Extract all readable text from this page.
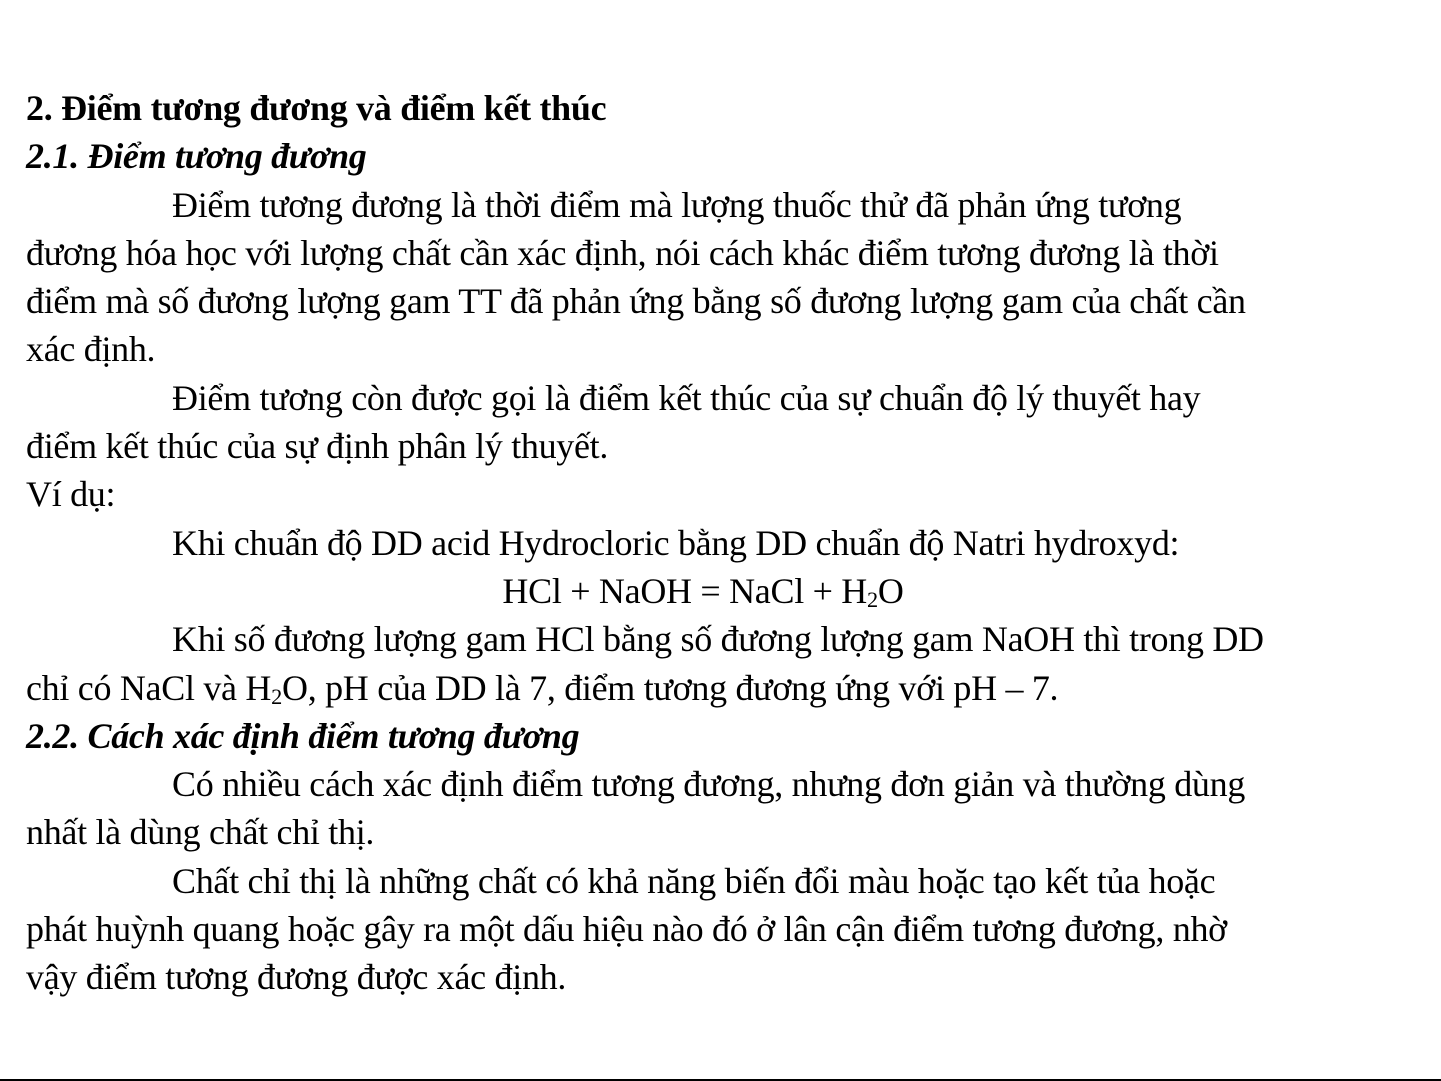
2. Điểm tương đương và điểm kết thúc
2.1. Điểm tương đương
Điểm tương đương là thời điểm mà lượng thuốc thử đã phản ứng tương
đương hóa học với lượng chất cần xác định, nói cách khác điểm tương đương là thời
điểm mà số đương lượng gam TT đã phản ứng bằng số đương lượng gam của chất cần
xác định.
Điểm tương còn được gọi là điểm kết thúc của sự chuẩn độ lý thuyết hay
điểm kết thúc của sự định phân lý thuyết.
Ví dụ:
Khi chuẩn độ DD acid Hydrocloric bằng DD chuẩn độ Natri hydroxyd:
HCl + NaOH = NaCl + $H_2O$
Khi số đương lượng gam HCl bằng số đương lượng gam NaOH thì trong DD
chỉ có NaCl và $H_2O$, pH của DD là 7, điểm tương đương ứng với pH – 7.
2.2. Cách xác định điểm tương đương
Có nhiều cách xác định điểm tương đương, nhưng đơn giản và thường dùng
nhất là dùng chất chỉ thị.
Chất chỉ thị là những chất có khả năng biến đổi màu hoặc tạo kết tủa hoặc
phát huỳnh quang hoặc gây ra một dấu hiệu nào đó ở lân cận điểm tương đương, nhờ
vậy điểm tương đương được xác định.
